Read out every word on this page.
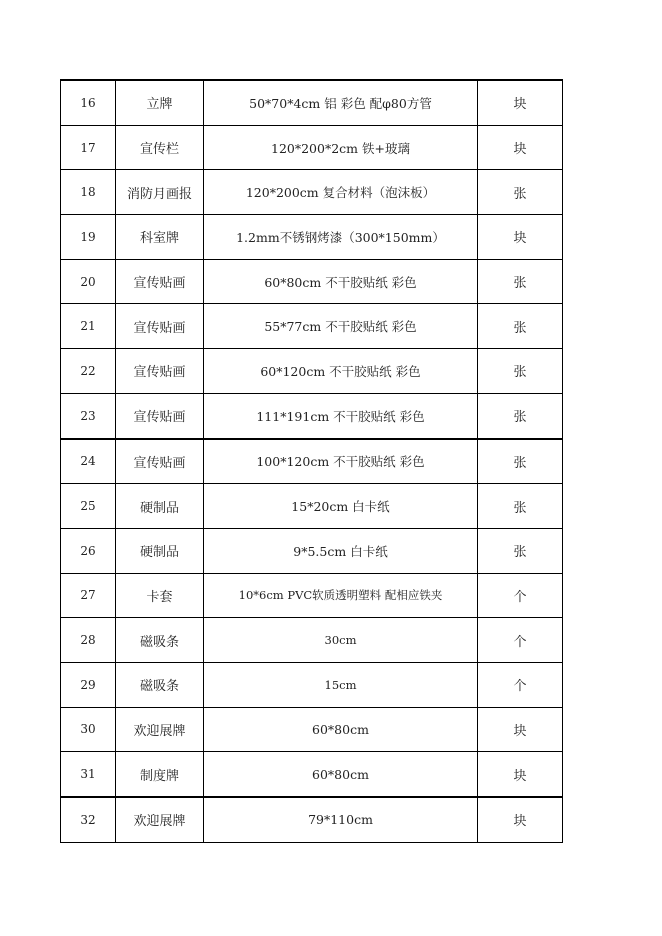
16	立牌	50*70*4cm 铝 彩色 配φ80方管	块
17	宣传栏	120*200*2cm 铁+玻璃	块
18	消防月画报	120*200cm 复合材料（泡沫板）	张
19	科室牌	1.2mm不锈钢烤漆（300*150mm）	块
20	宣传贴画	60*80cm 不干胶贴纸 彩色	张
21	宣传贴画	55*77cm 不干胶贴纸 彩色	张
22	宣传贴画	60*120cm 不干胶贴纸 彩色	张
23	宣传贴画	111*191cm 不干胶贴纸 彩色	张
24	宣传贴画	100*120cm 不干胶贴纸 彩色	张
25	硬制品	15*20cm 白卡纸	张
26	硬制品	9*5.5cm 白卡纸	张
27	卡套	10*6cm PVC软质透明塑料 配相应铁夹	个
28	磁吸条	30cm	个
29	磁吸条	15cm	个
30	欢迎展牌	60*80cm	块
31	制度牌	60*80cm	块
32	欢迎展牌	79*110cm	块
